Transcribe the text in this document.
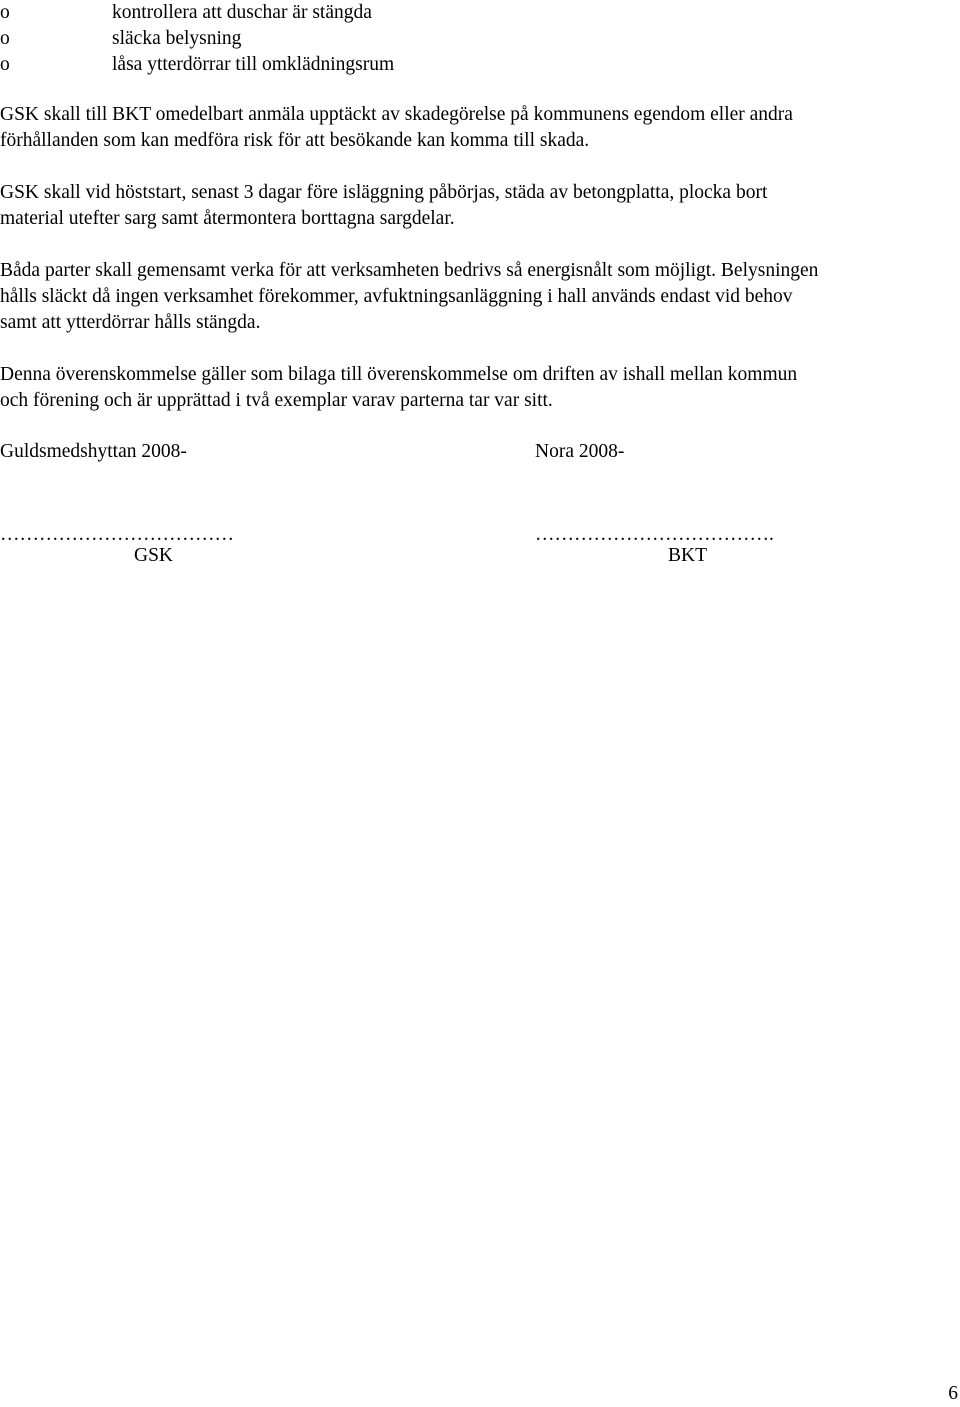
o	kontrollera att duschar är stängda
o	släcka belysning
o	låsa ytterdörrar till omklädningsrum

GSK skall till BKT omedelbart anmäla upptäckt av skadegörelse på kommunens egendom eller andra
förhållanden som kan medföra risk för att besökande kan komma till skada.

GSK skall vid höststart, senast 3 dagar före isläggning påbörjas, städa av betongplatta, plocka bort
material utefter sarg samt återmontera borttagna sargdelar.

Båda parter skall gemensamt verka för att verksamheten bedrivs så energisnålt som möjligt. Belysningen
hålls släckt då ingen verksamhet förekommer, avfuktningsanläggning i hall används endast vid behov
samt att ytterdörrar hålls stängda.

Denna överenskommelse gäller som bilaga till överenskommelse om driften av ishall mellan kommun
och förening och är upprättad i två exemplar varav parterna tar var sitt.

Guldsmedshyttan 2008-	Nora 2008-
………………………………	……………………………….
GSK	BKT
6
